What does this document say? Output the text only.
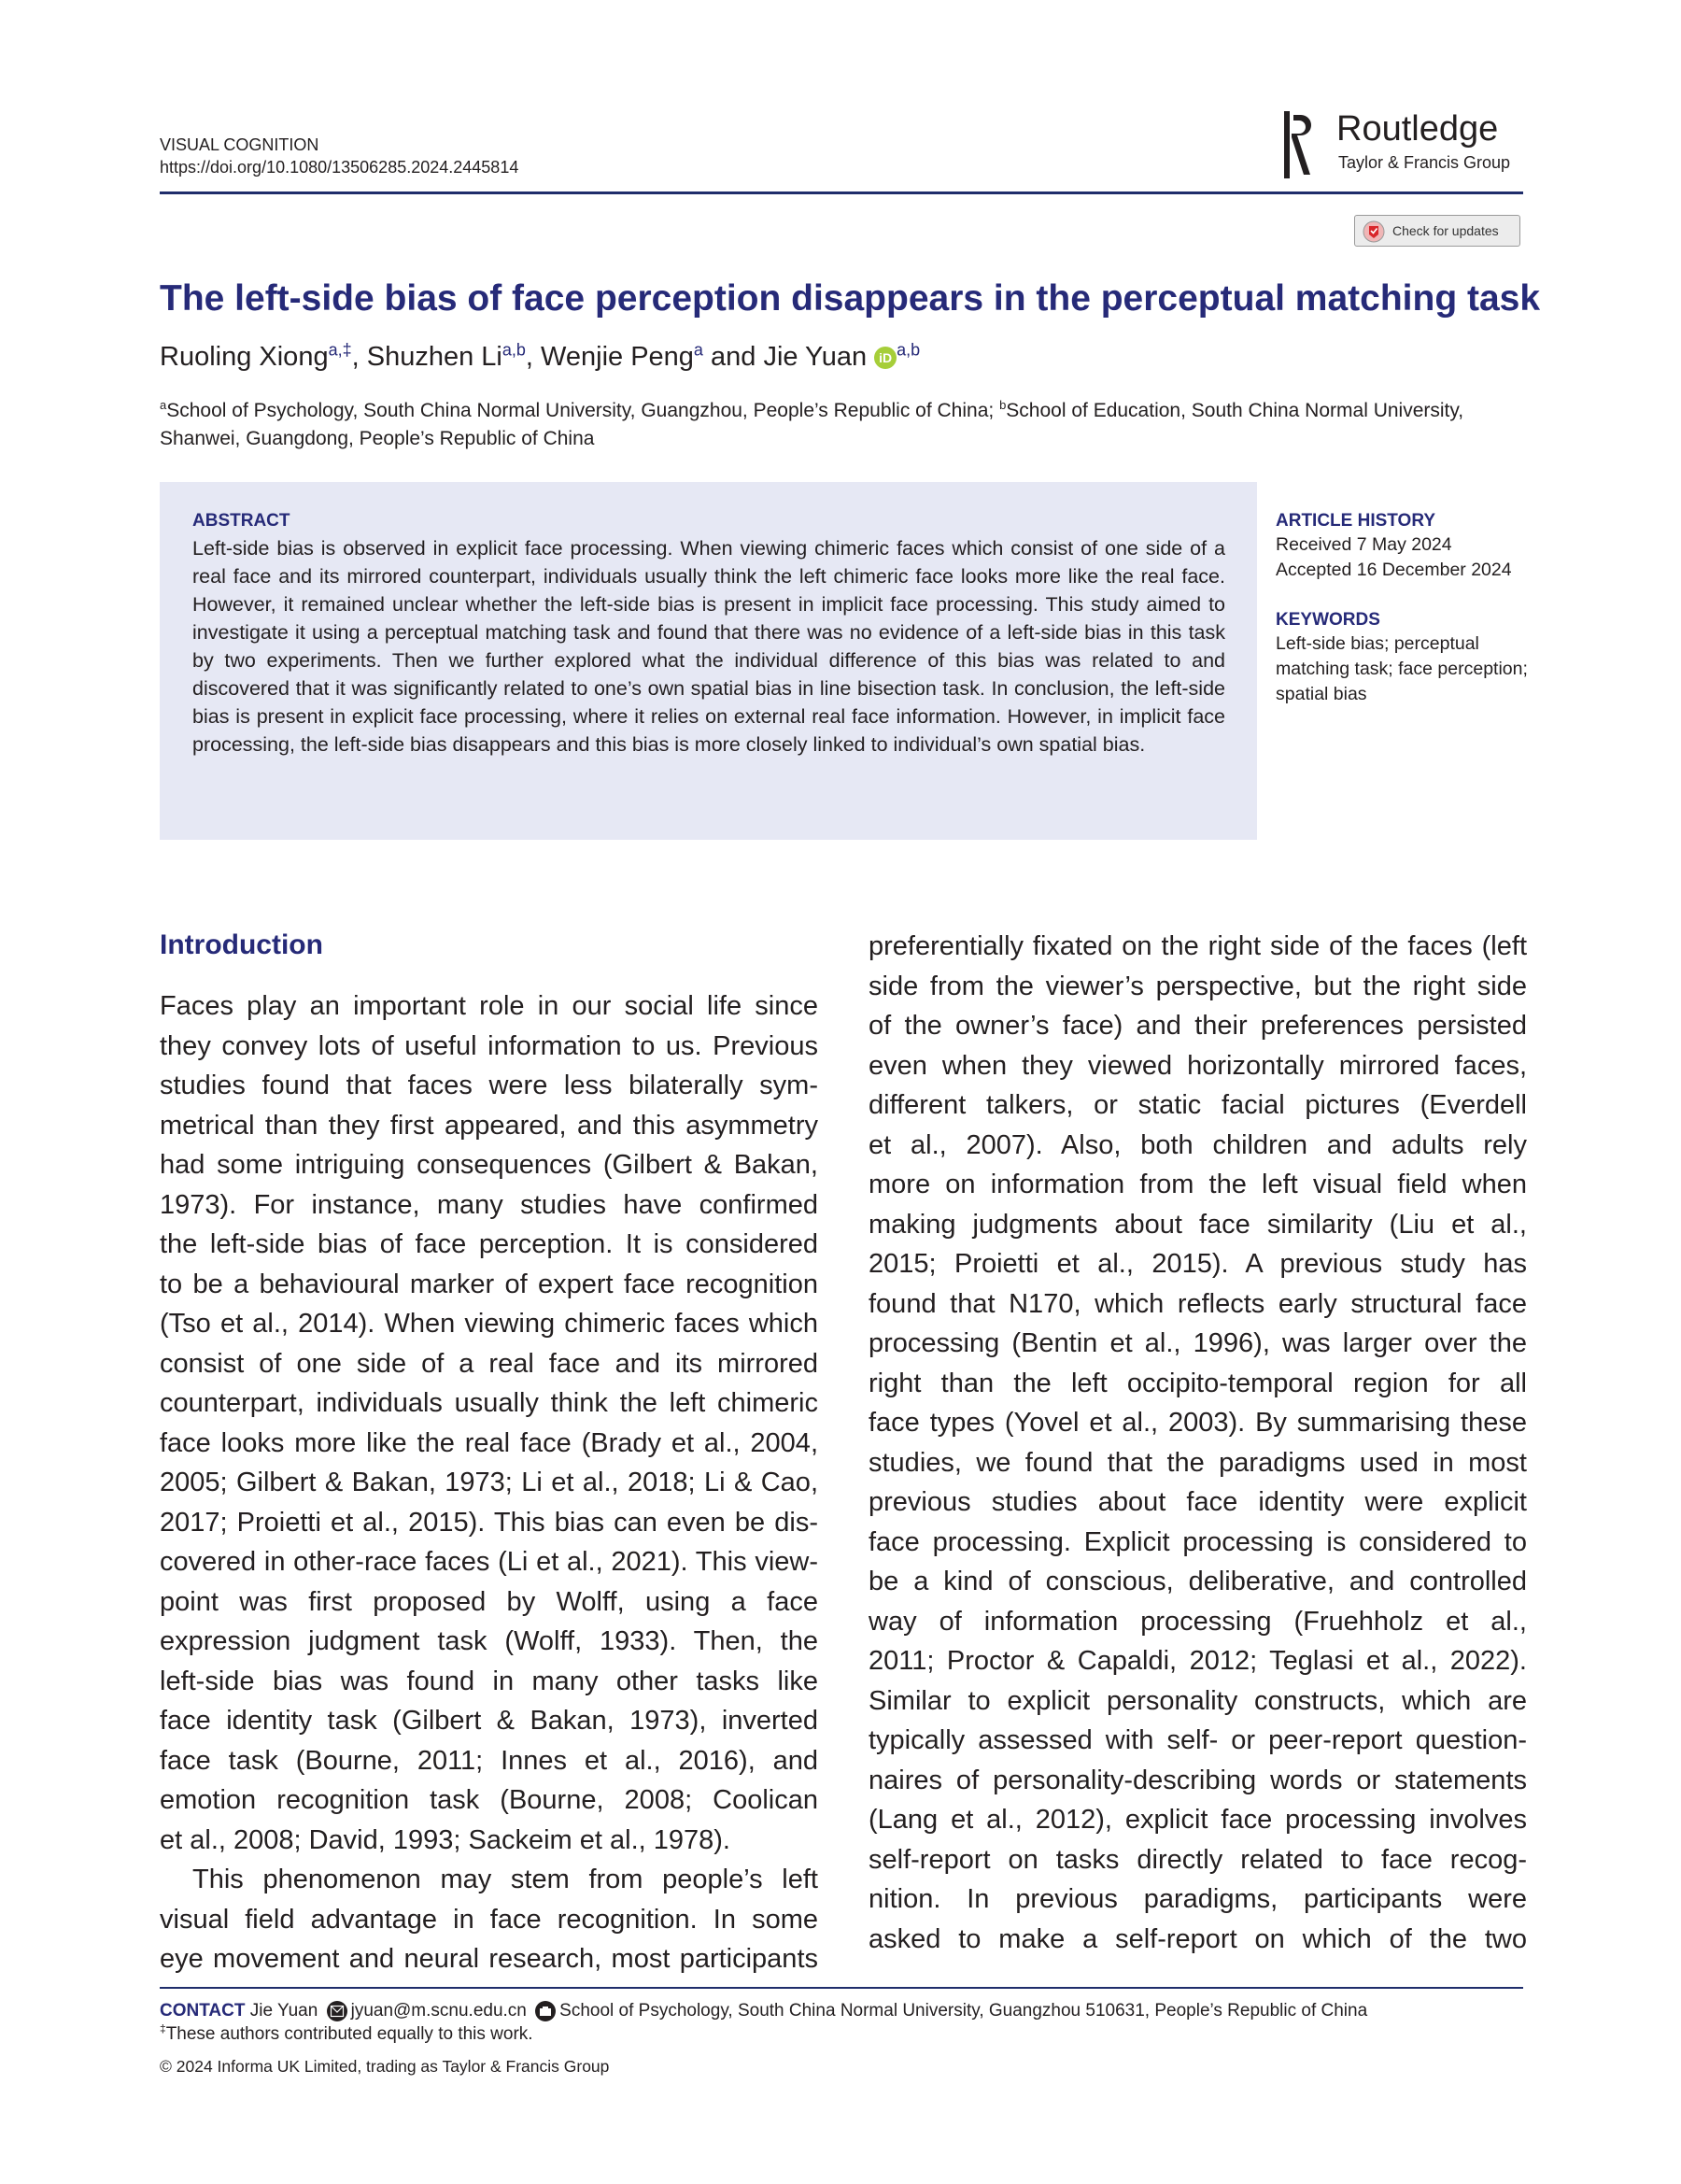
VISUAL COGNITION
https://doi.org/10.1080/13506285.2024.2445814	ROUTLEDGE
Routledge
Taylor & Francis Group
Check for updates
The left-side bias of face perception disappears in the perceptual matching task
Ruoling Xiong$^{a,\ddagger}$, Shuzhen Li$^{a,b}$, Wenjie Peng$^a$ and Jie Yuan iD $^{a,b}$
$^a$School of Psychology, South China Normal University, Guangzhou, People’s Republic of China; $^b$School of Education, South China Normal University, Shanwei, Guangdong, People’s Republic of China
ABSTRACT
Left-side bias is observed in explicit face processing. When viewing chimeric faces which consist of one side of a real face and its mirrored counterpart, individuals usually think the left chimeric face looks more like the real face. However, it remained unclear whether the left-side bias is present in implicit face processing. This study aimed to investigate it using a perceptual matching task and found that there was no evidence of a left-side bias in this task by two experiments. Then we further explored what the individual difference of this bias was related to and discovered that it was significantly related to one’s own spatial bias in line bisection task. In conclusion, the left-side bias is present in explicit face processing, where it relies on external real face information. However, in implicit face processing, the left-side bias disappears and this bias is more closely linked to individual’s own spatial bias.
ARTICLE HISTORY
Received 7 May 2024
Accepted 16 December 2024
KEYWORDS
Left-side bias; perceptual matching task; face perception; spatial bias
Introduction
Faces play an important role in our social life since
they convey lots of useful information to us. Previous
studies found that faces were less bilaterally sym-
metrical than they first appeared, and this asymmetry
had some intriguing consequences (Gilbert & Bakan,
1973). For instance, many studies have confirmed
the left-side bias of face perception. It is considered
to be a behavioural marker of expert face recognition
(Tso et al., 2014). When viewing chimeric faces which
consist of one side of a real face and its mirrored
counterpart, individuals usually think the left chimeric
face looks more like the real face (Brady et al., 2004,
2005; Gilbert & Bakan, 1973; Li et al., 2018; Li & Cao,
2017; Proietti et al., 2015). This bias can even be dis-
covered in other-race faces (Li et al., 2021). This view-
point was first proposed by Wolff, using a face
expression judgment task (Wolff, 1933). Then, the
left-side bias was found in many other tasks like
face identity task (Gilbert & Bakan, 1973), inverted
face task (Bourne, 2011; Innes et al., 2016), and
emotion recognition task (Bourne, 2008; Coolican
et al., 2008; David, 1993; Sackeim et al., 1978).
This phenomenon may stem from people’s left
visual field advantage in face recognition. In some
eye movement and neural research, most participants
preferentially fixated on the right side of the faces (left
side from the viewer’s perspective, but the right side
of the owner’s face) and their preferences persisted
even when they viewed horizontally mirrored faces,
different talkers, or static facial pictures (Everdell
et al., 2007). Also, both children and adults rely
more on information from the left visual field when
making judgments about face similarity (Liu et al.,
2015; Proietti et al., 2015). A previous study has
found that N170, which reflects early structural face
processing (Bentin et al., 1996), was larger over the
right than the left occipito-temporal region for all
face types (Yovel et al., 2003). By summarising these
studies, we found that the paradigms used in most
previous studies about face identity were explicit
face processing. Explicit processing is considered to
be a kind of conscious, deliberative, and controlled
way of information processing (Fruehholz et al.,
2011; Proctor & Capaldi, 2012; Teglasi et al., 2022).
Similar to explicit personality constructs, which are
typically assessed with self- or peer-report question-
naires of personality-describing words or statements
(Lang et al., 2012), explicit face processing involves
self-report on tasks directly related to face recog-
nition. In previous paradigms, participants were
asked to make a self-report on which of the two
CONTACT Jie Yuan jyuan@m.scnu.edu.cn School of Psychology, South China Normal University, Guangzhou 510631, People’s Republic of China
‡These authors contributed equally to this work.
© 2024 Informa UK Limited, trading as Taylor & Francis Group
